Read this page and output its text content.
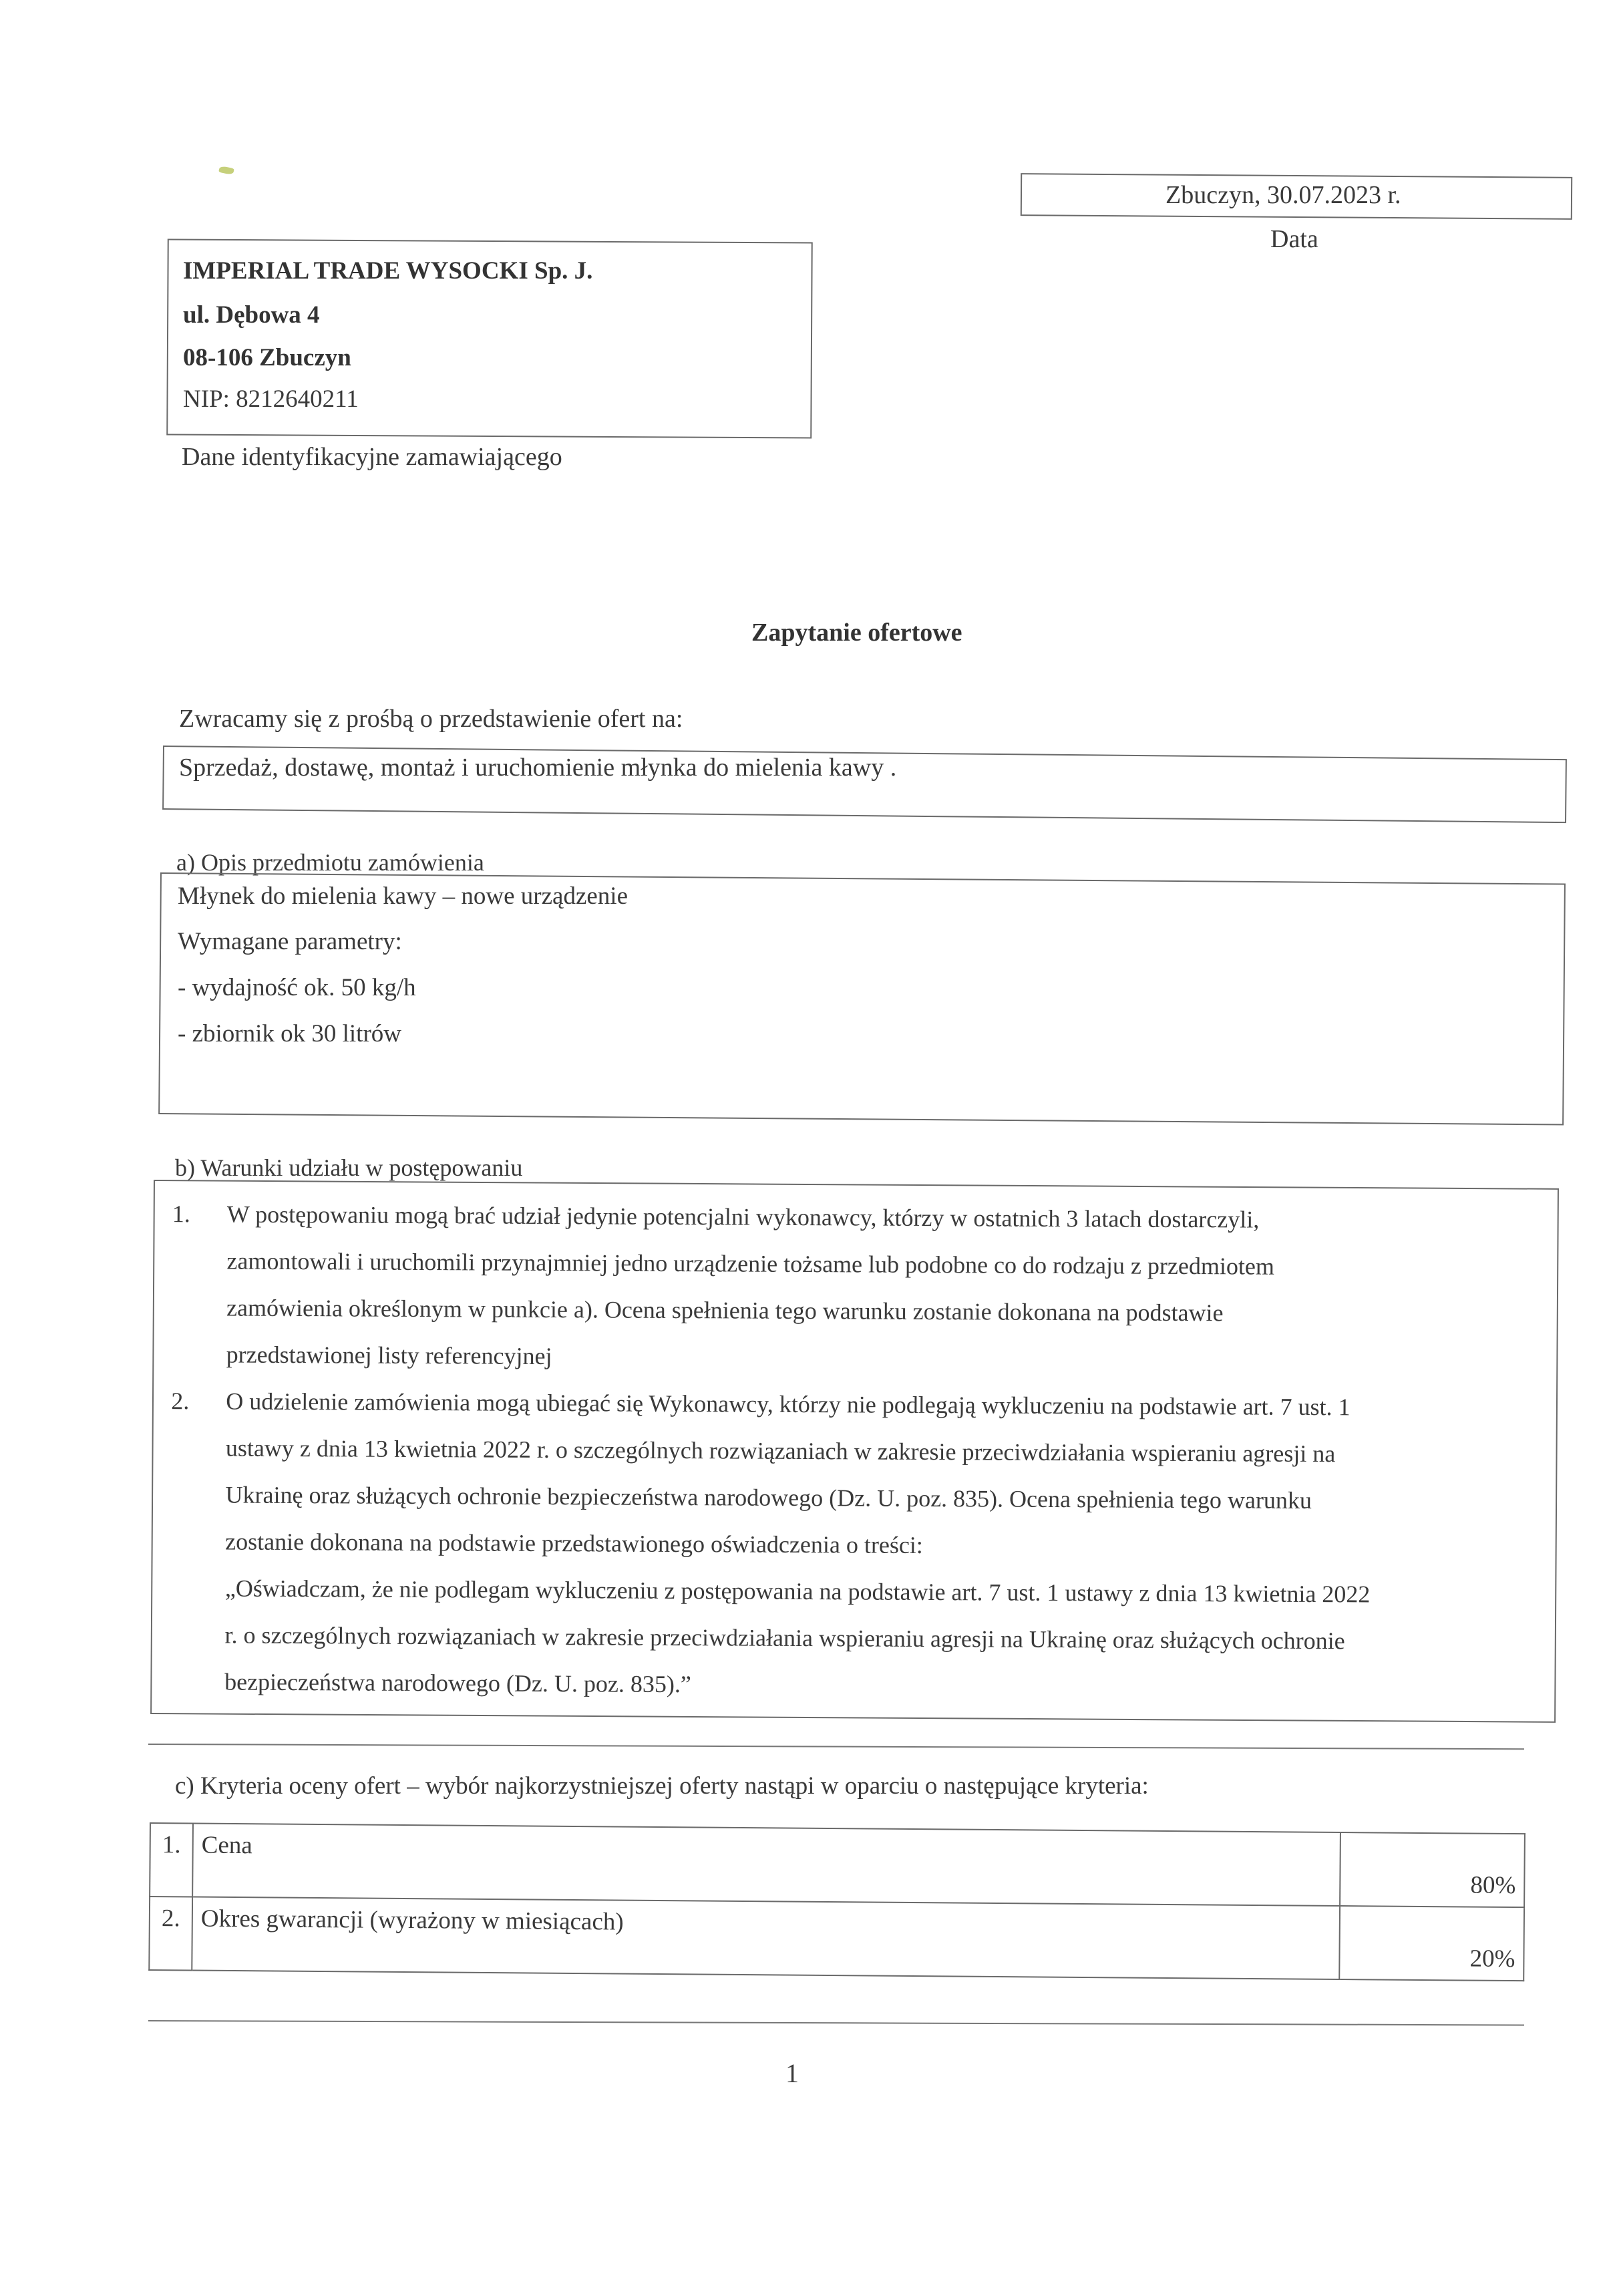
Zbuczyn, 30.07.2023 r.
Data
IMPERIAL TRADE WYSOCKI Sp. J.
ul. Dębowa 4
08-106 Zbuczyn
NIP: 8212640211
Dane identyfikacyjne zamawiającego
Zapytanie ofertowe
Zwracamy się z prośbą o przedstawienie ofert na:
Sprzedaż, dostawę, montaż i uruchomienie młynka do mielenia kawy .
a) Opis przedmiotu zamówienia
Młynek do mielenia kawy – nowe urządzenie
Wymagane parametry:
- wydajność ok. 50 kg/h
- zbiornik ok 30 litrów
b) Warunki udziału w postępowaniu
1.	W postępowaniu mogą brać udział jedynie potencjalni wykonawcy, którzy w ostatnich 3 latach dostarczyli,
zamontowali i uruchomili przynajmniej jedno urządzenie tożsame lub podobne co do rodzaju z przedmiotem
zamówienia określonym w punkcie a). Ocena spełnienia tego warunku zostanie dokonana na podstawie
przedstawionej listy referencyjnej
2.	O udzielenie zamówienia mogą ubiegać się Wykonawcy, którzy nie podlegają wykluczeniu na podstawie art. 7 ust. 1
ustawy z dnia 13 kwietnia 2022 r. o szczególnych rozwiązaniach w zakresie przeciwdziałania wspieraniu agresji na
Ukrainę oraz służących ochronie bezpieczeństwa narodowego (Dz. U. poz. 835). Ocena spełnienia tego warunku
zostanie dokonana na podstawie przedstawionego oświadczenia o treści:
„Oświadczam, że nie podlegam wykluczeniu z postępowania na podstawie art. 7 ust. 1 ustawy z dnia 13 kwietnia 2022
r. o szczególnych rozwiązaniach w zakresie przeciwdziałania wspieraniu agresji na Ukrainę oraz służących ochronie
bezpieczeństwa narodowego (Dz. U. poz. 835).”
c) Kryteria oceny ofert – wybór najkorzystniejszej oferty nastąpi w oparciu o następujące kryteria:
1.	Cena	80%
2.	Okres gwarancji (wyrażony w miesiącach)	20%
1
